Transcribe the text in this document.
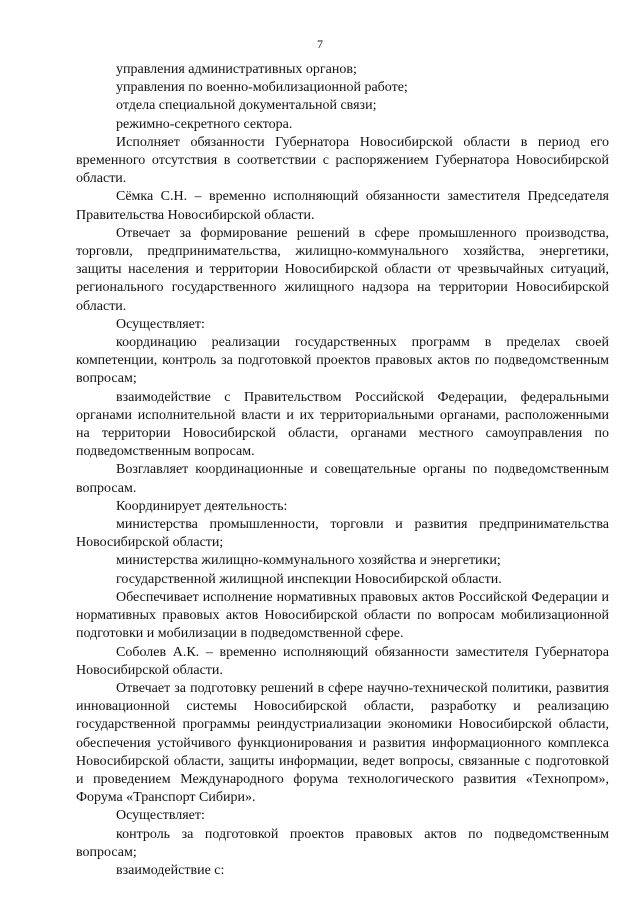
7

управления административных органов;

управления по военно-мобилизационной работе;

отдела специальной документальной связи;

режимно-секретного сектора.

Исполняет обязанности Губернатора Новосибирской области в период его временного отсутствия в соответствии с распоряжением Губернатора Новосибирской области.

Сёмка С.Н. – временно исполняющий обязанности заместителя Председателя Правительства Новосибирской области.

Отвечает за формирование решений в сфере промышленного производства, торговли, предпринимательства, жилищно-коммунального хозяйства, энергетики, защиты населения и территории Новосибирской области от чрезвычайных ситуаций, регионального государственного жилищного надзора на территории Новосибирской области.

Осуществляет:

координацию реализации государственных программ в пределах своей компетенции, контроль за подготовкой проектов правовых актов по подведомственным вопросам;

взаимодействие с Правительством Российской Федерации, федеральными органами исполнительной власти и их территориальными органами, расположенными на территории Новосибирской области, органами местного самоуправления по подведомственным вопросам.

Возглавляет координационные и совещательные органы по подведомственным вопросам.

Координирует деятельность:

министерства промышленности, торговли и развития предпринимательства Новосибирской области;

министерства жилищно-коммунального хозяйства и энергетики;

государственной жилищной инспекции Новосибирской области.

Обеспечивает исполнение нормативных правовых актов Российской Федерации и нормативных правовых актов Новосибирской области по вопросам мобилизационной подготовки и мобилизации в подведомственной сфере.

Соболев А.К. – временно исполняющий обязанности заместителя Губернатора Новосибирской области.

Отвечает за подготовку решений в сфере научно-технической политики, развития инновационной системы Новосибирской области, разработку и реализацию государственной программы реиндустриализации экономики Новосибирской области, обеспечения устойчивого функционирования и развития информационного комплекса Новосибирской области, защиты информации, ведет вопросы, связанные с подготовкой и проведением Международного форума технологического развития «Технопром», Форума «Транспорт Сибири».

Осуществляет:

контроль за подготовкой проектов правовых актов по подведомственным вопросам;

взаимодействие с:
